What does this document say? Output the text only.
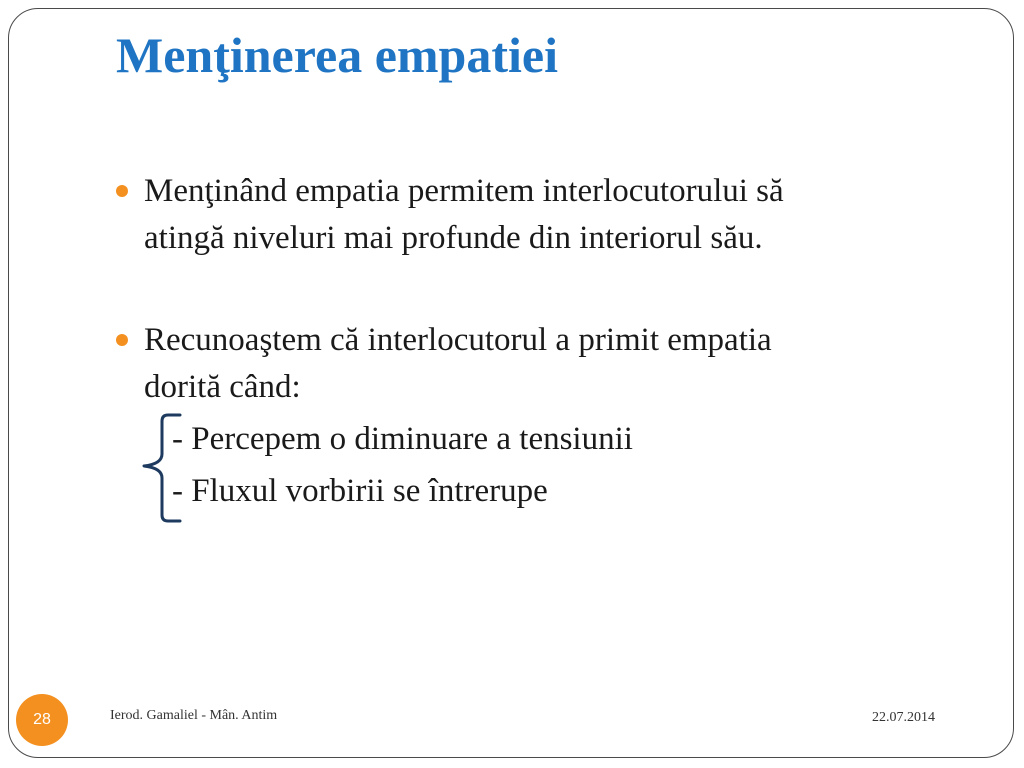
Menţinerea empatiei
Menţinând empatia permitem interlocutorului să
atingă niveluri mai profunde din interiorul său.
Recunoaştem că interlocutorul a primit empatia
dorită când:
- Percepem o diminuare a tensiunii
- Fluxul vorbirii se întrerupe
28	Ierod. Gamaliel - Mân. Antim	22.07.2014
